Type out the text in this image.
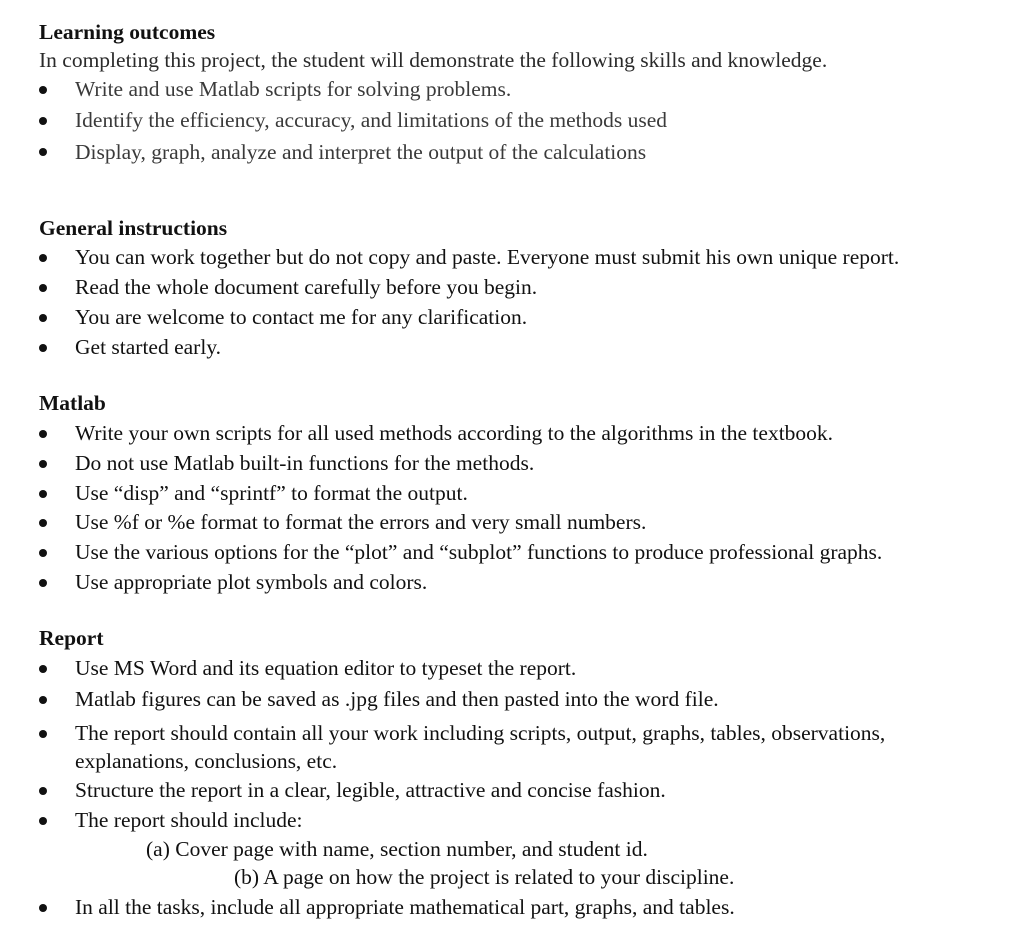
Learning outcomes
In completing this project, the student will demonstrate the following skills and knowledge.
Write and use Matlab scripts for solving problems.
Identify the efficiency, accuracy, and limitations of the methods used
Display, graph, analyze and interpret the output of the calculations
General instructions
You can work together but do not copy and paste. Everyone must submit his own unique report.
Read the whole document carefully before you begin.
You are welcome to contact me for any clarification.
Get started early.
Matlab
Write your own scripts for all used methods according to the algorithms in the textbook.
Do not use Matlab built-in functions for the methods.
Use “disp” and “sprintf” to format the output.
Use %f or %e format to format the errors and very small numbers.
Use the various options for the “plot” and “subplot” functions to produce professional graphs.
Use appropriate plot symbols and colors.
Report
Use MS Word and its equation editor to typeset the report.
Matlab figures can be saved as .jpg files and then pasted into the word file.
The report should contain all your work including scripts, output, graphs, tables, observations,
explanations, conclusions, etc.
Structure the report in a clear, legible, attractive and concise fashion.
The report should include:
(a) Cover page with name, section number, and student id.
(b) A page on how the project is related to your discipline.
In all the tasks, include all appropriate mathematical part, graphs, and tables.
